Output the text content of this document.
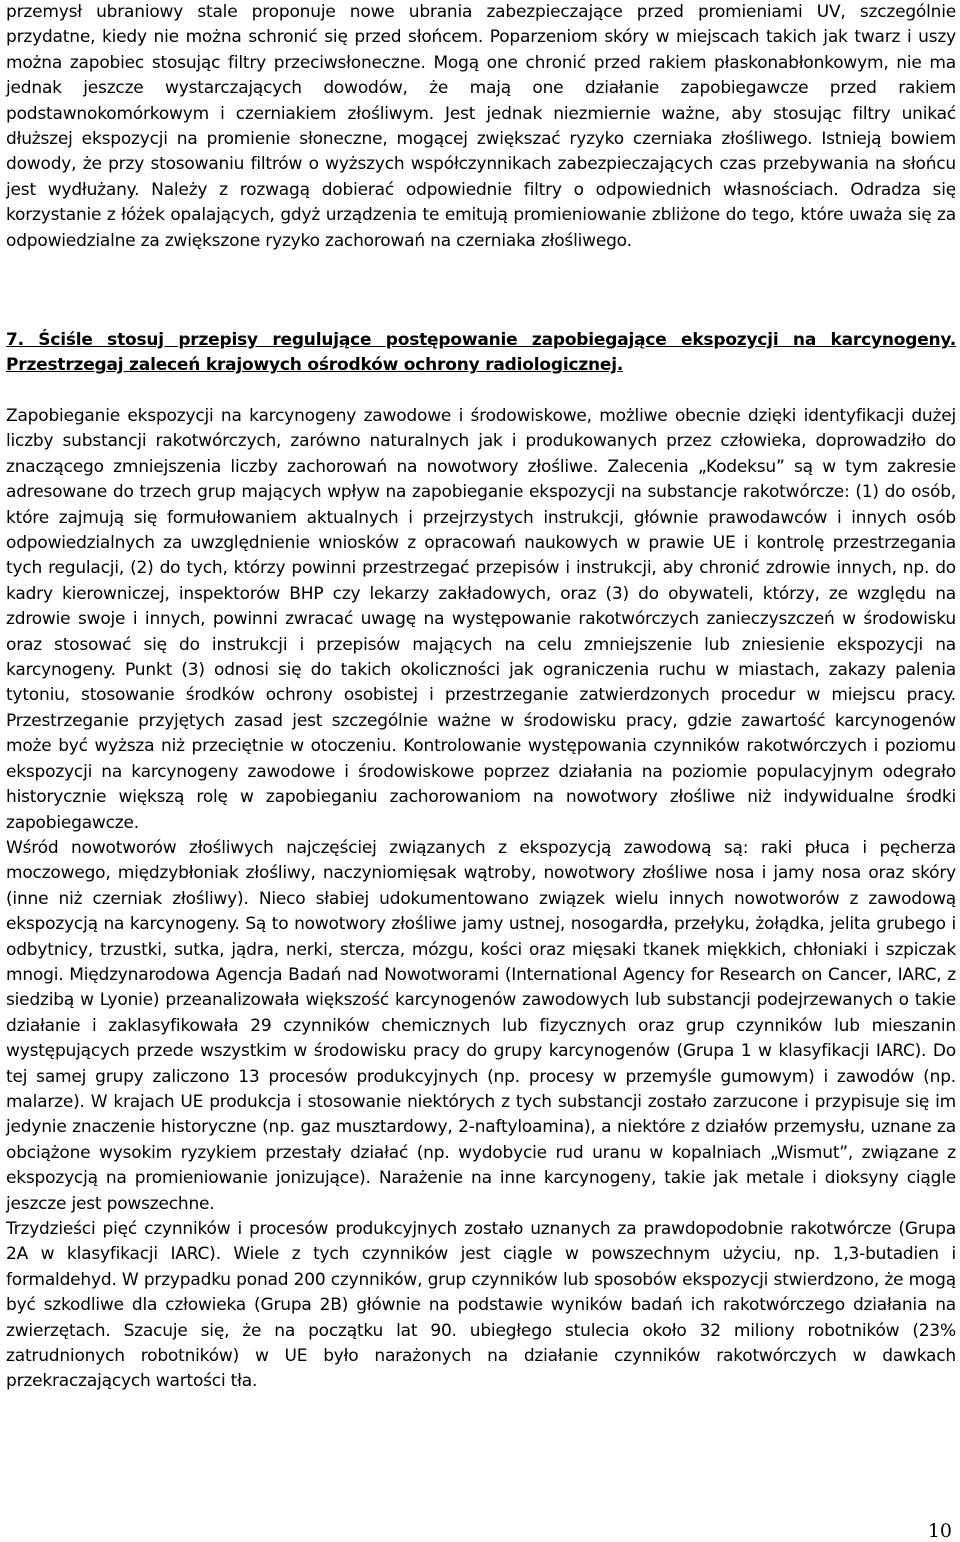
przemysł ubraniowy stale proponuje nowe ubrania zabezpieczające przed promieniami UV, szczególnie przydatne, kiedy nie można schronić się przed słońcem. Poparzeniom skóry w miejscach takich jak twarz i uszy można zapobiec stosując filtry przeciwsłoneczne. Mogą one chronić przed rakiem płaskonabłonkowym, nie ma jednak jeszcze wystarczających dowodów, że mają one działanie zapobiegawcze przed rakiem podstawnokomórkowym i czerniakiem złośliwym. Jest jednak niezmiernie ważne, aby stosując filtry unikać dłuższej ekspozycji na promienie słoneczne, mogącej zwiększać ryzyko czerniaka złośliwego. Istnieją bowiem dowody, że przy stosowaniu filtrów o wyższych współczynnikach zabezpieczających czas przebywania na słońcu jest wydłużany. Należy z rozwagą dobierać odpowiednie filtry o odpowiednich własnościach. Odradza się korzystanie z łóżek opalających, gdyż urządzenia te emitują promieniowanie zbliżone do tego, które uważa się za odpowiedzialne za zwiększone ryzyko zachorowań na czerniaka złośliwego.

7. Ściśle stosuj przepisy regulujące postępowanie zapobiegające ekspozycji na karcynogeny. Przestrzegaj zaleceń krajowych ośrodków ochrony radiologicznej.

Zapobieganie ekspozycji na karcynogeny zawodowe i środowiskowe, możliwe obecnie dzięki identyfikacji dużej liczby substancji rakotwórczych, zarówno naturalnych jak i produkowanych przez człowieka, doprowadziło do znaczącego zmniejszenia liczby zachorowań na nowotwory złośliwe. Zalecenia „Kodeksu” są w tym zakresie adresowane do trzech grup mających wpływ na zapobieganie ekspozycji na substancje rakotwórcze: (1) do osób, które zajmują się formułowaniem aktualnych i przejrzystych instrukcji, głównie prawodawców i innych osób odpowiedzialnych za uwzględnienie wniosków z opracowań naukowych w prawie UE i kontrolę przestrzegania tych regulacji, (2) do tych, którzy powinni przestrzegać przepisów i instrukcji, aby chronić zdrowie innych, np. do kadry kierowniczej, inspektorów BHP czy lekarzy zakładowych, oraz (3) do obywateli, którzy, ze względu na zdrowie swoje i innych, powinni zwracać uwagę na występowanie rakotwórczych zanieczyszczeń w środowisku oraz stosować się do instrukcji i przepisów mających na celu zmniejszenie lub zniesienie ekspozycji na karcynogeny. Punkt (3) odnosi się do takich okoliczności jak ograniczenia ruchu w miastach, zakazy palenia tytoniu, stosowanie środków ochrony osobistej i przestrzeganie zatwierdzonych procedur w miejscu pracy. Przestrzeganie przyjętych zasad jest szczególnie ważne w środowisku pracy, gdzie zawartość karcynogenów może być wyższa niż przeciętnie w otoczeniu. Kontrolowanie występowania czynników rakotwórczych i poziomu ekspozycji na karcynogeny zawodowe i środowiskowe poprzez działania na poziomie populacyjnym odegrało historycznie większą rolę w zapobieganiu zachorowaniom na nowotwory złośliwe niż indywidualne środki zapobiegawcze.

Wśród nowotworów złośliwych najczęściej związanych z ekspozycją zawodową są: raki płuca i pęcherza moczowego, międzybłoniak złośliwy, naczyniomięsak wątroby, nowotwory złośliwe nosa i jamy nosa oraz skóry (inne niż czerniak złośliwy). Nieco słabiej udokumentowano związek wielu innych nowotworów z zawodową ekspozycją na karcynogeny. Są to nowotwory złośliwe jamy ustnej, nosogardła, przełyku, żołądka, jelita grubego i odbytnicy, trzustki, sutka, jądra, nerki, stercza, mózgu, kości oraz mięsaki tkanek miękkich, chłoniaki i szpiczak mnogi. Międzynarodowa Agencja Badań nad Nowotworami (International Agency for Research on Cancer, IARC, z siedzibą w Lyonie) przeanalizowała większość karcynogenów zawodowych lub substancji podejrzewanych o takie działanie i zaklasyfikowała 29 czynników chemicznych lub fizycznych oraz grup czynników lub mieszanin występujących przede wszystkim w środowisku pracy do grupy karcynogenów (Grupa 1 w klasyfikacji IARC). Do tej samej grupy zaliczono 13 procesów produkcyjnych (np. procesy w przemyśle gumowym) i zawodów (np. malarze). W krajach UE produkcja i stosowanie niektórych z tych substancji zostało zarzucone i przypisuje się im jedynie znaczenie historyczne (np. gaz musztardowy, 2-naftyloamina), a niektóre z działów przemysłu, uznane za obciążone wysokim ryzykiem przestały działać (np. wydobycie rud uranu w kopalniach „Wismut”, związane z ekspozycją na promieniowanie jonizujące). Narażenie na inne karcynogeny, takie jak metale i dioksyny ciągle jeszcze jest powszechne.

Trzydzieści pięć czynników i procesów produkcyjnych zostało uznanych za prawdopodobnie rakotwórcze (Grupa 2A w klasyfikacji IARC). Wiele z tych czynników jest ciągle w powszechnym użyciu, np. 1,3-butadien i formaldehyd. W przypadku ponad 200 czynników, grup czynników lub sposobów ekspozycji stwierdzono, że mogą być szkodliwe dla człowieka (Grupa 2B) głównie na podstawie wyników badań ich rakotwórczego działania na zwierzętach. Szacuje się, że na początku lat 90. ubiegłego stulecia około 32 miliony robotników (23% zatrudnionych robotników) w UE było narażonych na działanie czynników rakotwórczych w dawkach przekraczających wartości tła.

10
